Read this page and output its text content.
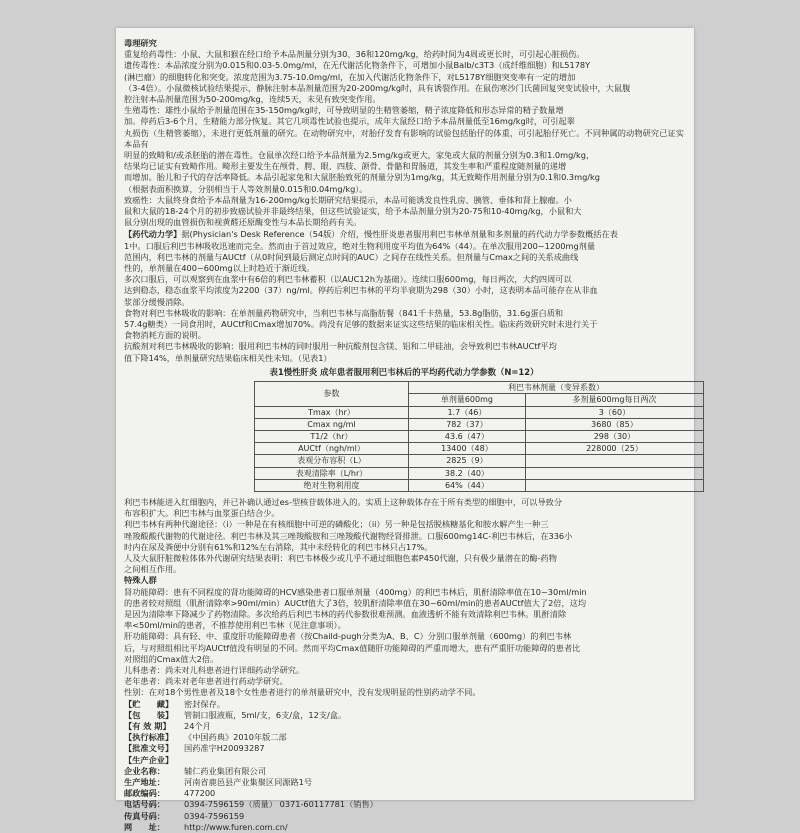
毒理研究

重复给药毒性：小鼠、大鼠和猴在经口给予本品剂量分别为30、36和120mg/kg，给药时间为4周或更长时，可引起心脏损伤。

遗传毒性：本品浓度分别为0.015和0.03-5.0mg/ml，在无代谢活化物条件下，可增加小鼠Balb/c3T3（成纤维细胞）和L5178Y

(淋巴瘤）的细胞转化和突变。浓度范围为3.75-10.0mg/ml，在加入代谢活化物条件下，对L5178Y细胞突变率有一定的增加

（3-4倍）。小鼠微核试验结果提示，静脉注射本品剂量范围为20-200mg/kg时，具有诱裂作用。在鼠伤寒沙门氏菌回复突变试验中，大鼠腹

腔注射本品剂量范围为50-200mg/kg，连续5天，未见有致突变作用。

生殖毒性：雄性小鼠给予剂量范围在35-150mg/kg时，可导致明显的生精管萎缩，精子浓度降低和形态异常的精子数量增

加。停药后3-6个月，生精能力部分恢复。其它几项毒性试验也提示，成年大鼠经口给予本品剂量低至16mg/kg时，可引起睾

丸损伤（生精管萎缩），未进行更低剂量的研究。在动物研究中，对胎仔发育有影响的试验包括胎仔的体重，可引起胎仔死亡。不同种属的动物研究已证实本品有

明显的致畸和/或杀胚胎的潜在毒性。仓鼠单次经口给予本品剂量为2.5mg/kg或更大，家兔或大鼠的剂量分别为0.3和1.0mg/kg，

结果均已证实有致畸作用。畸形主要发生在颅骨、腭、眼、四肢、颌骨、骨骼和胃肠道，其发生率和严重程度随剂量的递增

而增加。胎儿和子代的存活率降低。本品引起家兔和大鼠胚胎致死的剂量分别为1mg/kg，其无致畸作用剂量分别为0.1和0.3mg/kg

（根据表面积换算，分别相当于人等效剂量0.015和0.04mg/kg）。

致癌性：大鼠终身食给予本品剂量为16-200mg/kg长期研究结果提示，本品可能诱发良性乳房、胰管、垂体和肾上腺瘤。小

鼠和大鼠的18-24个月的初步致癌试验并非最终结果，但这些试验证实，给予本品剂量分别为20-75和10-40mg/kg，小鼠和大

鼠分别出现的血管损伤和视黄醛还原酶变性与本品长期给药有关。

【药代动力学】据(Physician's Desk Reference（54版）介绍，慢性肝炎患者服用利巴韦林单剂量和多剂量的药代动力学参数概括在表

1中。口服后利巴韦林吸收迅速而完全。然而由于首过效应，绝对生物利用度平均值为64%（44）。在单次服用200~1200mg剂量

范围内，利巴韦林的剂量与AUCtf（从0时间到最后测定点时间的AUC）之间存在线性关系。但剂量与Cmax之间的关系成曲线

性的，单剂量在400~600mg以上时趋近于渐近线。

多次口服后，可以观察到在血浆中有6倍的利巴韦林蓄积（以AUC12h为基础）。连续口服600mg，每日两次，大约四周可以

达到稳态，稳态血浆平均浓度为2200（37）ng/ml。停药后利巴韦林的平均半衰期为298（30）小时，这表明本品可能存在从非血

浆部分缓慢消除。

食物对利巴韦林吸收的影响：在单剂量药物研究中，当利巴韦林与高脂肪餐（841千卡热量，53.8g脂肪，31.6g蛋白质和

57.4g糖类）一同食用时，AUCtf和Cmax增加70%。尚没有足够的数据来证实这些结果的临床相关性。临床药效研究时未进行关于

食物消耗方面的说明。

抗酸剂对利巴韦林吸收的影响：服用利巴韦林的同时服用一种抗酸剂包含镁、铝和二甲硅油，会导致利巴韦林AUCtf平均

值下降14%，单剂量研究结果临床相关性未知。（见表1）

表1慢性肝炎 成年患者服用利巴韦林后的平均药代动力学参数（N=12）
参数	利巴韦林剂量（变异系数）	
	单剂量600mg	多剂量600mg每日两次
Tmax（hr）	1.7（46）	3（60）
Cmax ng/ml	782（37）	3680（85）
T1/2（hr）	43.6（47）	298（30）
AUCtf（ngh/ml）	13400（48）	228000（25）
表观分布容积（L）	2825（9）	
表观清除率（L/hr）	38.2（40）	
绝对生物利用度	64%（44）	

利巴韦林能进入红细胞内，并已补确认通过es-型核苷载体进入的。实质上这种载体存在于所有类型的细胞中，可以导致分

布容积扩大。利巴韦林与血浆蛋白结合少。

利巴韦林有两种代谢途径：（i）一种是在有核细胞中可逆的磷酸化；（ii）另一种是包括脱核糖基化和胺水解产生一种三

唑羧酸酸代谢物的代谢途径。利巴韦林及其三唑羧酸胺和三唑羧酸代谢物经肾排泄。口服600mg14C-利巴韦林后，在336小

时内在尿及粪便中分别有61%和12%左右消除，其中未经转化的利巴韦林只占17%。

人及大鼠肝脏微粒体体外代谢研究结果表明：利巴韦林极少或几乎不通过细胞色素P450代谢，只有极少量潜在的酶-药物

之间相互作用。

特殊人群

肾功能障碍：患有不同程度的肾功能障碍的HCV感染患者口服单剂量（400mg）的利巴韦林后，肌酐清除率值在10~30ml/min

的患者较对照组（肌酐清除率>90ml/min）AUCtf值大了3倍，较肌酐清除率值在30~60ml/min的患者AUCtf值大了2倍，这均

是因为清除率下降减少了药物清除。多次给药后利巴韦林的药代参数很难预测。血液透析不能有效清除利巴韦林。肌酐清除

率<50ml/min的患者，不推荐使用利巴韦林（见注意事项）。

肝功能障碍：具有轻、中、重度肝功能障碍患者（按Chaild-pugh分类为A、B、C）分别口服单剂量（600mg）的利巴韦林

后，与对照组相比平均AUCtf值没有明显的不同。然而平均Cmax值随肝功能障碍的严重而增大，患有严重肝功能障碍的患者比

对照组的Cmax值大2倍。

儿科患者：尚未对儿科患者进行详细药动学研究。

老年患者：尚未对老年患者进行药动学研究。

性别：在对18个男性患者及18个女性患者进行的单剂量研究中，没有发现明显的性别药动学不同。

【贮　　藏】	密封保存。
【包　　装】	管制口服液瓶，5ml/支，6支/盒，12支/盒。
【有 效 期】	24个月
【执行标准】	《中国药典》2010年版二部
【批准文号】	国药准字H20093287
【生产企业】
企业名称：	辅仁药业集团有限公司
生产地址：	河南省鹿邑县产业集聚区同源路1号
邮政编码：	477200
电话号码：	0394-7596159（质量） 0371-60117781（销售）
传真号码：	0394-7596159
网　　址：	http://www.furen.com.cn/
